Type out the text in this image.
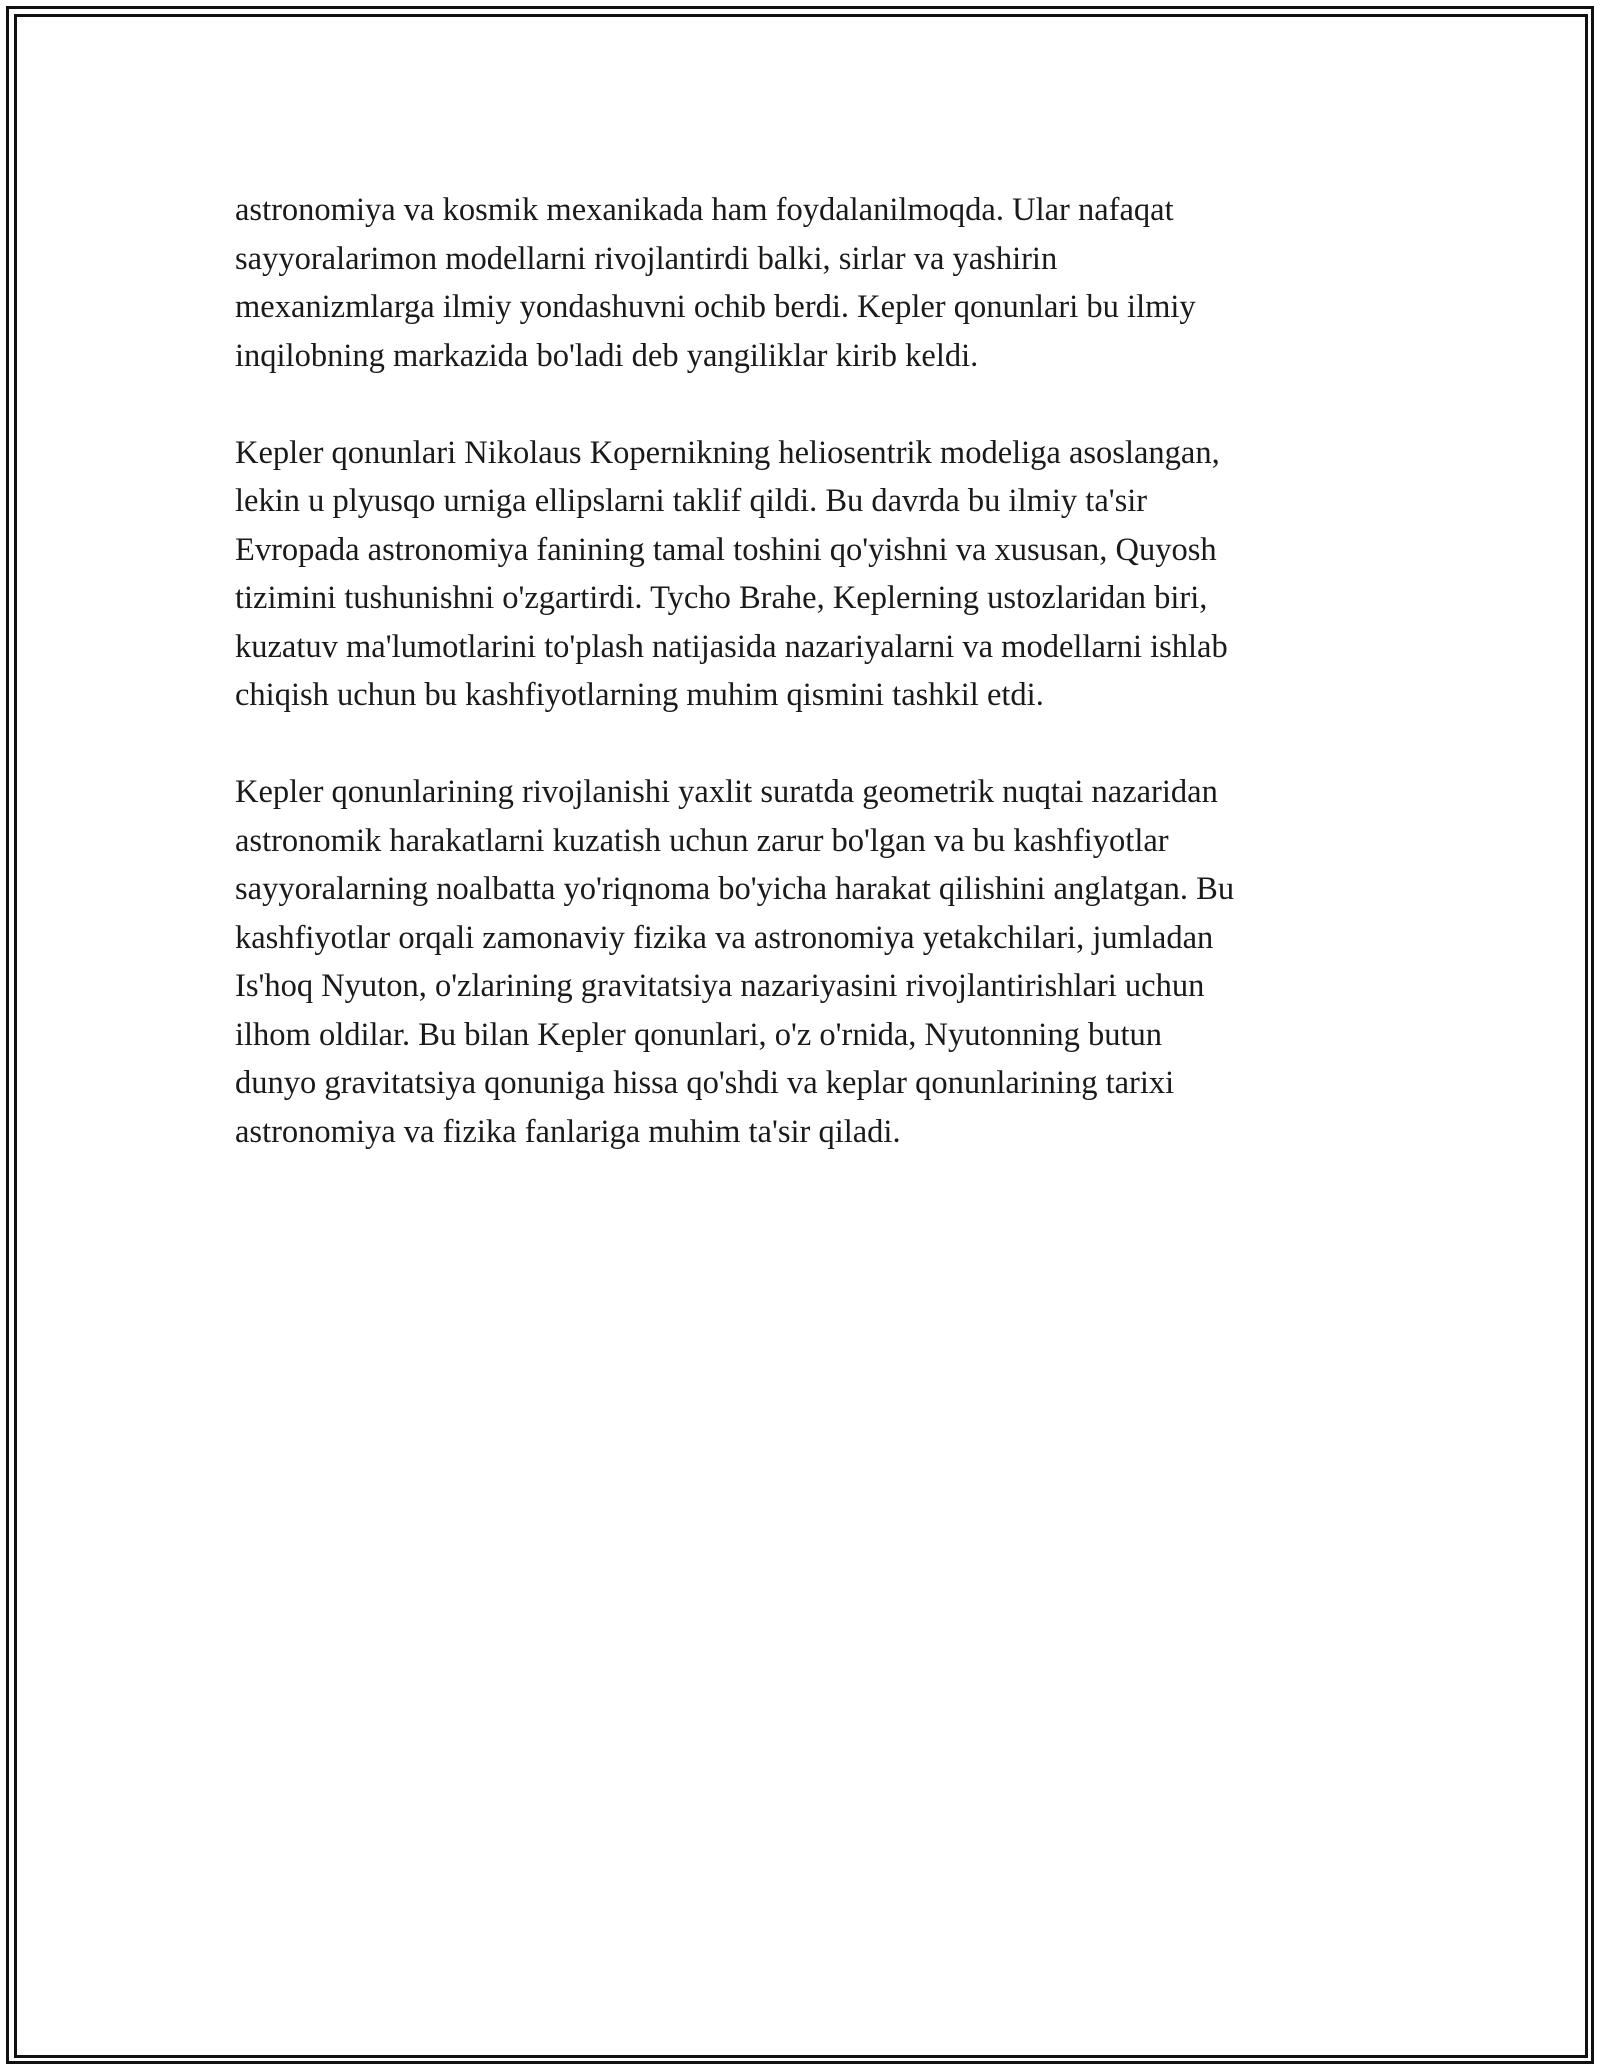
astronomiya va kosmik mexanikada ham foydalanilmoqda. Ular nafaqat
sayyoralarimon modellarni rivojlantirdi balki, sirlar va yashirin
mexanizmlarga ilmiy yondashuvni ochib berdi. Kepler qonunlari bu ilmiy
inqilobning markazida bo'ladi deb yangiliklar kirib keldi.

Kepler qonunlari Nikolaus Kopernikning heliosentrik modeliga asoslangan,
lekin u plyusqo urniga ellipslarni taklif qildi. Bu davrda bu ilmiy ta'sir
Evropada astronomiya fanining tamal toshini qo'yishni va xususan, Quyosh
tizimini tushunishni o'zgartirdi. Tycho Brahe, Keplerning ustozlaridan biri,
kuzatuv ma'lumotlarini to'plash natijasida nazariyalarni va modellarni ishlab
chiqish uchun bu kashfiyotlarning muhim qismini tashkil etdi.

Kepler qonunlarining rivojlanishi yaxlit suratda geometrik nuqtai nazaridan
astronomik harakatlarni kuzatish uchun zarur bo'lgan va bu kashfiyotlar
sayyoralarning noalbatta yo'riqnoma bo'yicha harakat qilishini anglatgan. Bu
kashfiyotlar orqali zamonaviy fizika va astronomiya yetakchilari, jumladan
Is'hoq Nyuton, o'zlarining gravitatsiya nazariyasini rivojlantirishlari uchun
ilhom oldilar. Bu bilan Kepler qonunlari, o'z o'rnida, Nyutonning butun
dunyo gravitatsiya qonuniga hissa qo'shdi va keplar qonunlarining tarixi
astronomiya va fizika fanlariga muhim ta'sir qiladi.
